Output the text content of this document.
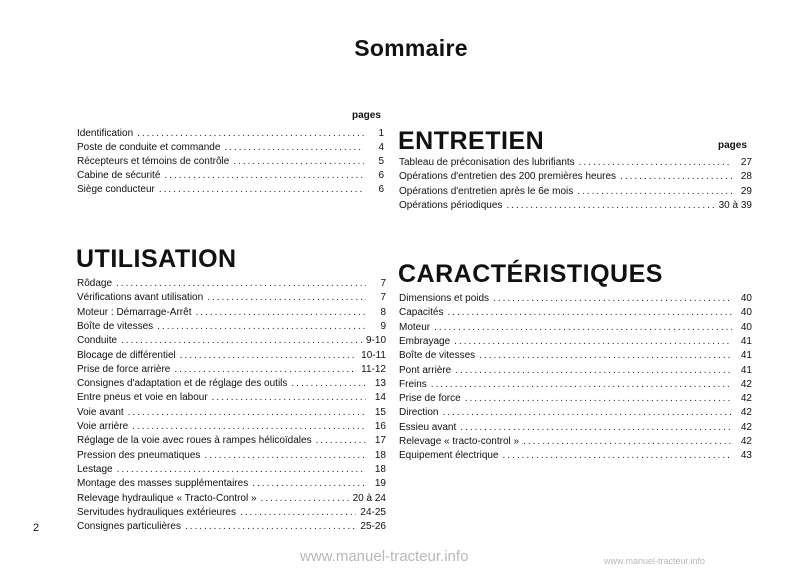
Sommaire
pages
Identification .....	1
Poste de conduite et commande .....	4
Récepteurs et témoins de contrôle .....	5
Cabine de sécurité .....	6
Siège conducteur .....	6
UTILISATION
Rôdage .....	7
Vérifications avant utilisation .....	7
Moteur : Démarrage-Arrêt .....	8
Boîte de vitesses .....	9
Conduite .....	9-10
Blocage de différentiel .....	10-11
Prise de force arrière .....	11-12
Consignes d'adaptation et de réglage des outils .....	13
Entre pneus et voie en labour .....	14
Voie avant .....	15
Voie arrière .....	16
Réglage de la voie avec roues à rampes hélicoïdales .....	17
Pression des pneumatiques .....	18
Lestage .....	18
Montage des masses supplémentaires .....	19
Relevage hydraulique « Tracto-Control » .....	20 à 24
Servitudes hydrauliques extérieures .....	24-25
Consignes particulières .....	25-26
ENTRETIEN	pages
Tableau de préconisation des lubrifiants .....	27
Opérations d'entretien des 200 premières heures .....	28
Opérations d'entretien après le 6e mois .....	29
Opérations périodiques .....	30 à 39
CARACTÉRISTIQUES
Dimensions et poids .....	40
Capacités .....	40
Moteur .....	40
Embrayage .....	41
Boîte de vitesses .....	41
Pont arrière .....	41
Freins .....	42
Prise de force .....	42
Direction .....	42
Essieu avant .....	42
Relevage « tracto-control » .....	42
Equipement électrique .....	43
2
www.manuel-tracteur.info	www.manuel-tracteur.info
